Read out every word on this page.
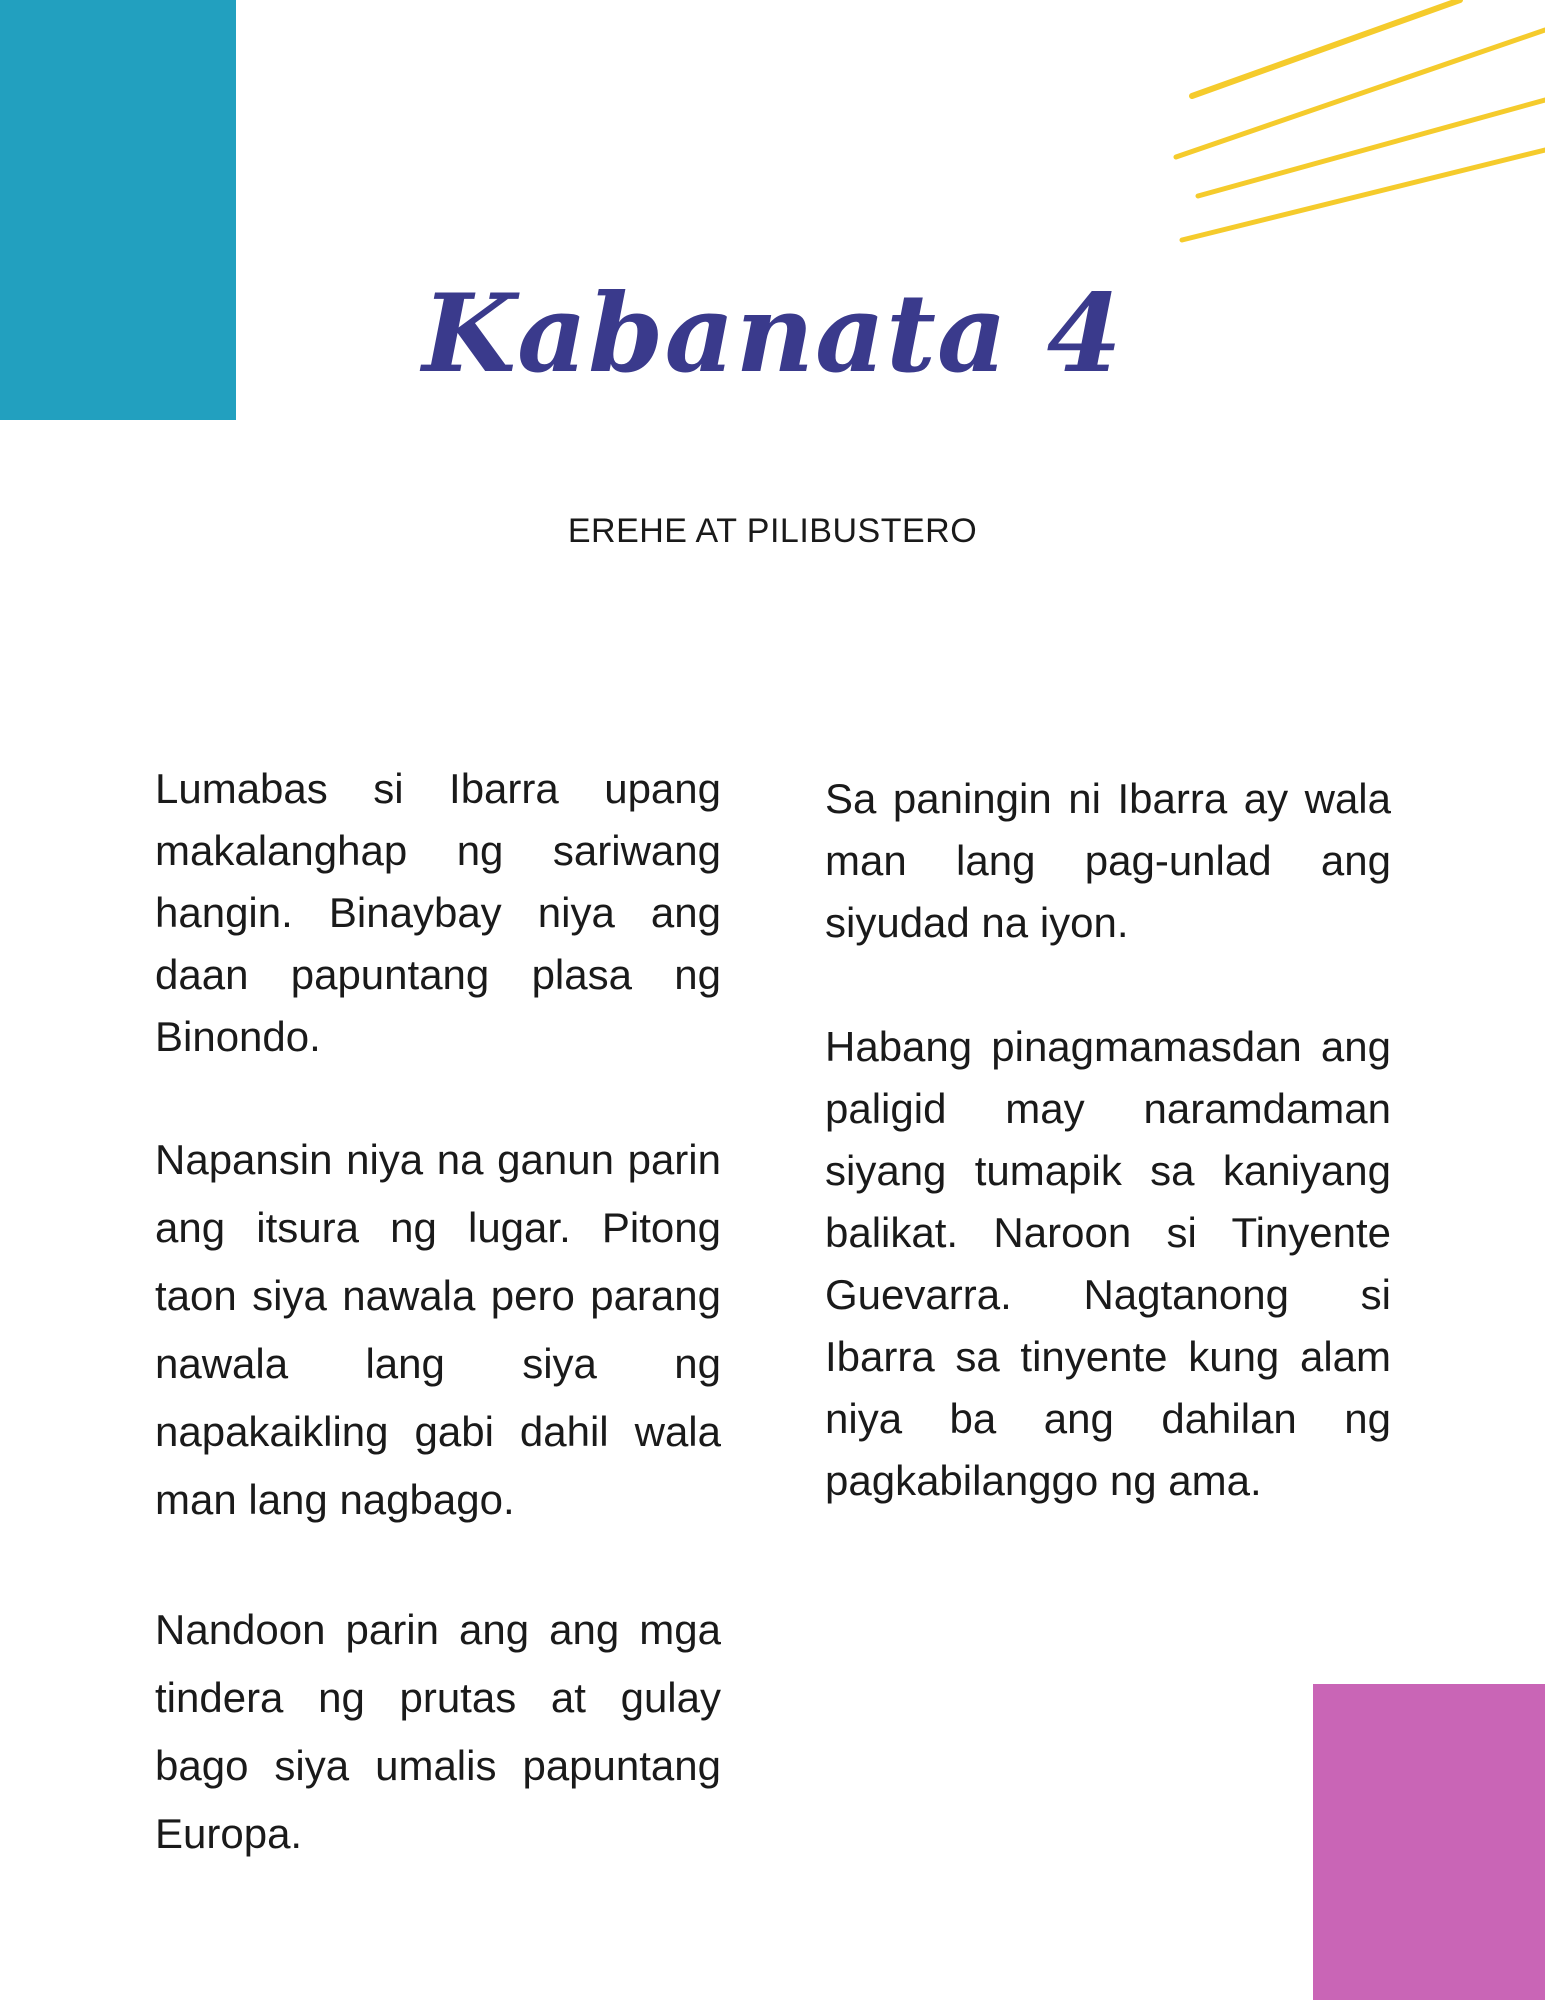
Kabanata 4
EREHE AT PILIBUSTERO

Lumabas si Ibarra upang makalanghap ng sariwang hangin. Binaybay niya ang daan papuntang plasa ng Binondo.

Napansin niya na ganun parin ang itsura ng lugar. Pitong taon siya nawala pero parang nawala lang siya ng napakaikling gabi dahil wala man lang nagbago.

Nandoon parin ang ang mga tindera ng prutas at gulay bago siya umalis papuntang Europa.

Sa paningin ni Ibarra ay wala man lang pag-unlad ang siyudad na iyon.

Habang pinagmamasdan ang paligid may naramdaman siyang tumapik sa kaniyang balikat. Naroon si Tinyente Guevarra. Nagtanong si Ibarra sa tinyente kung alam niya ba ang dahilan ng pagkabilanggo ng ama.
